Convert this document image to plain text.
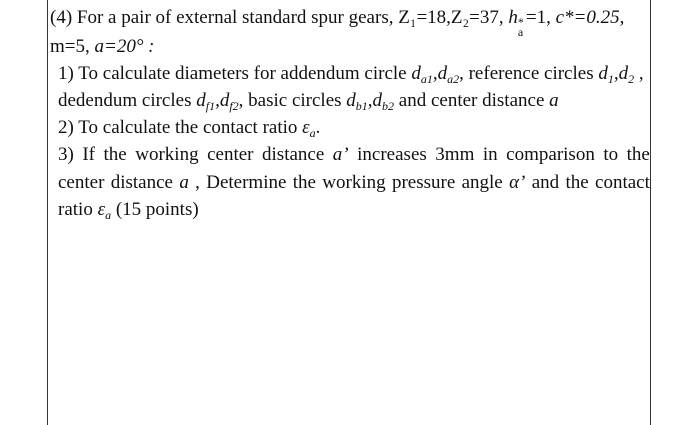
(4) For a pair of external standard spur gears, Z₁=18,Z₂=37, h *
a
=1, c*=0.25,
m=5, a=20° :
1) To calculate diameters for addendum circle $d_{a1},d_{a2}$, reference circles $d_1,d_2$ ,
dedendum circles $d_{f1},d_{f2}$, basic circles $d_{b1},d_{b2}$ and center distance a
2) To calculate the contact ratio $\varepsilon_a$.
3) If the working center distance a’ increases 3mm in comparison to the
center distance a , Determine the working pressure angle α’ and the contact
ratio $\varepsilon_a$ (15 points)
